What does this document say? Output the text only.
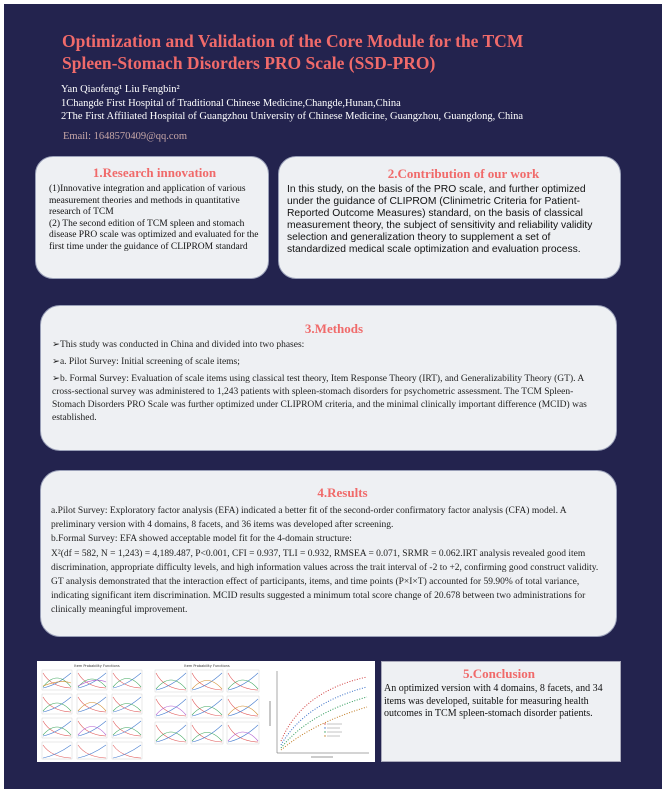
Optimization and Validation of the Core Module for the TCM
Spleen-Stomach Disorders PRO Scale (SSD-PRO)
Yan Qiaofeng¹ Liu Fengbin²
1Changde First Hospital of Traditional Chinese Medicine,Changde,Hunan,China
2The First Affiliated Hospital of Guangzhou University of Chinese Medicine, Guangzhou, Guangdong, China
Email: 1648570409@qq.com
1.Research innovation

(1)Innovative integration and application of various measurement theories and methods in quantitative research of TCM

(2) The second edition of TCM spleen and stomach disease PRO scale was optimized and evaluated for the first time under the guidance of CLIPROM standard

2.Contribution of our work

In this study, on the basis of the PRO scale, and further optimized under the guidance of CLIPROM (Clinimetric Criteria for Patient-Reported Outcome Measures) standard, on the basis of classical measurement theory, the subject of sensitivity and reliability validity selection and generalization theory to supplement a set of standardized medical scale optimization and evaluation process.

3.Methods

➢This study was conducted in China and divided into two phases:

➢a. Pilot Survey: Initial screening of scale items;

➢b. Formal Survey: Evaluation of scale items using classical test theory, Item Response Theory (IRT), and Generalizability Theory (GT). A cross-sectional survey was administered to 1,243 patients with spleen-stomach disorders for psychometric assessment. The TCM Spleen-Stomach Disorders PRO Scale was further optimized under CLIPROM criteria, and the minimal clinically important difference (MCID) was established.

4.Results

a.Pilot Survey: Exploratory factor analysis (EFA) indicated a better fit of the second-order confirmatory factor analysis (CFA) model. A preliminary version with 4 domains, 8 facets, and 36 items was developed after screening.

b.Formal Survey: EFA showed acceptable model fit for the 4-domain structure:

Χ²(df = 582, N = 1,243) = 4,189.487, P<0.001, CFI = 0.937, TLI = 0.932, RMSEA = 0.071, SRMR = 0.062.IRT analysis revealed good item discrimination, appropriate difficulty levels, and high information values across the trait interval of -2 to +2, confirming good construct validity. GT analysis demonstrated that the interaction effect of participants, items, and time points (P×I×T) accounted for 59.90% of total variance, indicating significant item discrimination. MCID results suggested a minimum total score change of 20.678 between two administrations for clinically meaningful improvement.

Item Probability Functions	Item Probability Functions	5.Conclusion

An optimized version with 4 domains, 8 facets, and 34 items was developed, suitable for measuring health outcomes in TCM spleen-stomach disorder patients.
